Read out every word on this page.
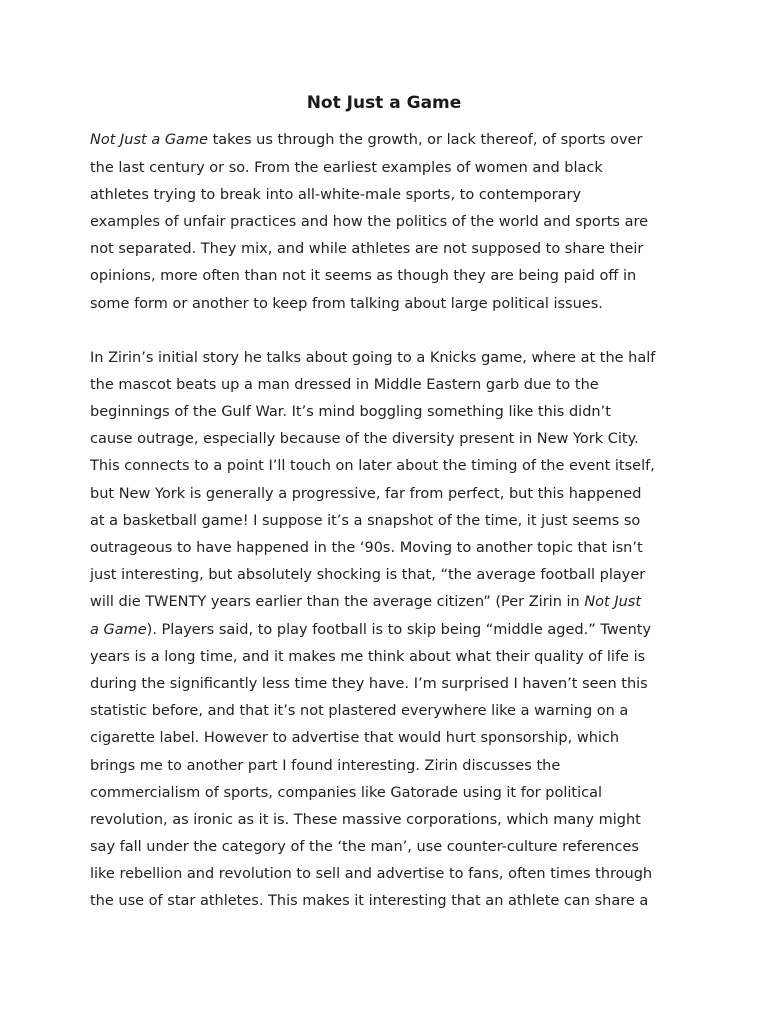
Not Just a Game
Not Just a Game takes us through the growth, or lack thereof, of sports over
the last century or so. From the earliest examples of women and black
athletes trying to break into all-white-male sports, to contemporary
examples of unfair practices and how the politics of the world and sports are
not separated. They mix, and while athletes are not supposed to share their
opinions, more often than not it seems as though they are being paid off in
some form or another to keep from talking about large political issues.
In Zirin’s initial story he talks about going to a Knicks game, where at the half
the mascot beats up a man dressed in Middle Eastern garb due to the
beginnings of the Gulf War. It’s mind boggling something like this didn’t
cause outrage, especially because of the diversity present in New York City.
This connects to a point I’ll touch on later about the timing of the event itself,
but New York is generally a progressive, far from perfect, but this happened
at a basketball game! I suppose it’s a snapshot of the time, it just seems so
outrageous to have happened in the ‘90s. Moving to another topic that isn’t
just interesting, but absolutely shocking is that, “the average football player
will die TWENTY years earlier than the average citizen” (Per Zirin in Not Just
a Game). Players said, to play football is to skip being “middle aged.” Twenty
years is a long time, and it makes me think about what their quality of life is
during the significantly less time they have. I’m surprised I haven’t seen this
statistic before, and that it’s not plastered everywhere like a warning on a
cigarette label. However to advertise that would hurt sponsorship, which
brings me to another part I found interesting. Zirin discusses the
commercialism of sports, companies like Gatorade using it for political
revolution, as ironic as it is. These massive corporations, which many might
say fall under the category of the ‘the man’, use counter-culture references
like rebellion and revolution to sell and advertise to fans, often times through
the use of star athletes. This makes it interesting that an athlete can share a
